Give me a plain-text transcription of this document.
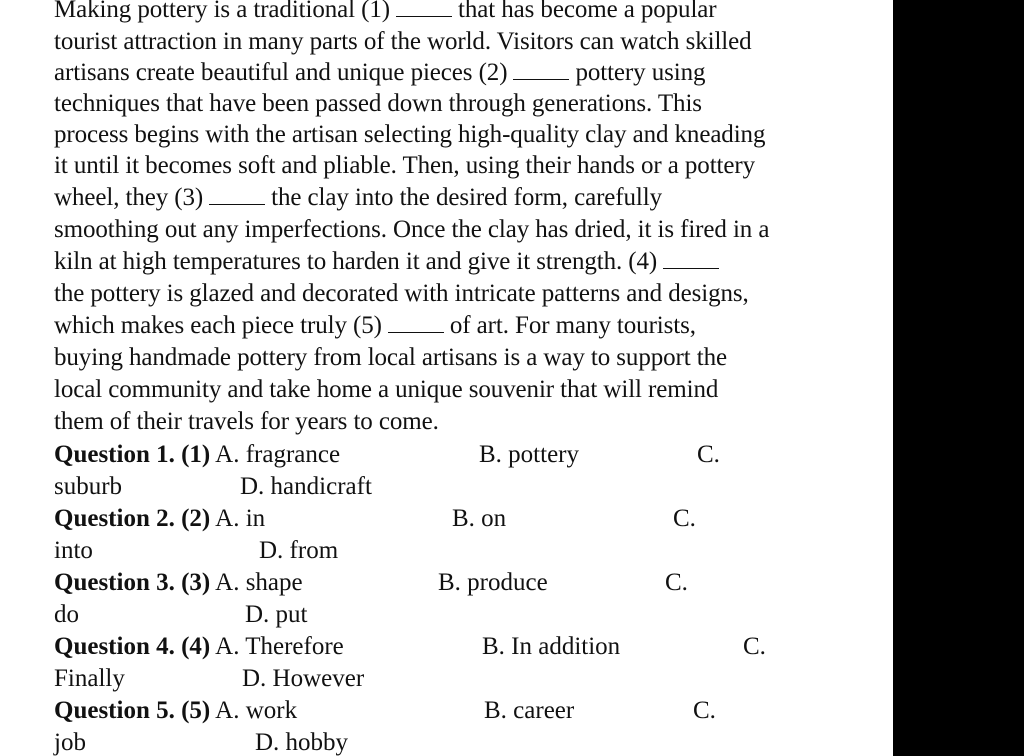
Making pottery is a traditional (1)	that has become a popular
tourist attraction in many parts of the world. Visitors can watch skilled
artisans create beautiful and unique pieces (2)	pottery using
techniques that have been passed down through generations. This
process begins with the artisan selecting high-quality clay and kneading
it until it becomes soft and pliable. Then, using their hands or a pottery
wheel, they (3)	the clay into the desired form, carefully
smoothing out any imperfections. Once the clay has dried, it is fired in a
kiln at high temperatures to harden it and give it strength. (4)
the pottery is glazed and decorated with intricate patterns and designs,
which makes each piece truly (5)	of art. For many tourists,
buying handmade pottery from local artisans is a way to support the
local community and take home a unique souvenir that will remind
them of their travels for years to come.
Question 1. (1) A. fragrance	B. pottery	C.
suburb	D. handicraft
Question 2. (2) A. in	B. on	C.
into	D. from
Question 3. (3) A. shape	B. produce	C.
do	D. put
Question 4. (4) A. Therefore	B. In addition	C.
Finally	D. However
Question 5. (5) A. work	B. career	C.
job	D. hobby
